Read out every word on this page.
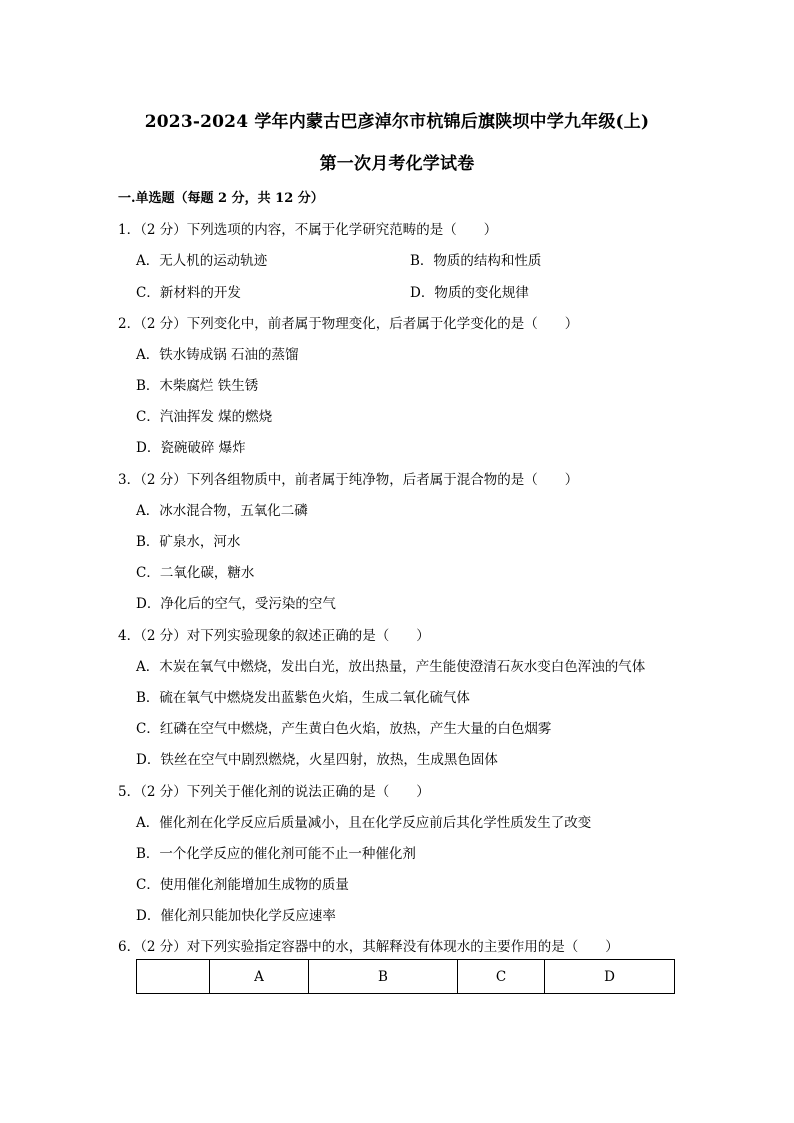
2023-2024 学年内蒙古巴彦淖尔市杭锦后旗陕坝中学九年级(上)
第一次月考化学试卷
一.单选题（每题 2 分，共 12 分）
1．（2 分）下列选项的内容，不属于化学研究范畴的是（　　）
A．无人机的运动轨迹	B．物质的结构和性质
C．新材料的开发	D．物质的变化规律
2．（2 分）下列变化中，前者属于物理变化，后者属于化学变化的是（　　）
A．铁水铸成锅 石油的蒸馏
B．木柴腐烂 铁生锈
C．汽油挥发 煤的燃烧
D．瓷碗破碎 爆炸
3．（2 分）下列各组物质中，前者属于纯净物，后者属于混合物的是（　　）
A．冰水混合物，五氧化二磷
B．矿泉水，河水
C．二氧化碳，糖水
D．净化后的空气，受污染的空气
4．（2 分）对下列实验现象的叙述正确的是（　　）
A．木炭在氧气中燃烧，发出白光，放出热量，产生能使澄清石灰水变白色浑浊的气体
B．硫在氧气中燃烧发出蓝紫色火焰，生成二氧化硫气体
C．红磷在空气中燃烧，产生黄白色火焰，放热，产生大量的白色烟雾
D．铁丝在空气中剧烈燃烧，火星四射，放热，生成黑色固体
5．（2 分）下列关于催化剂的说法正确的是（　　）
A．催化剂在化学反应后质量减小，且在化学反应前后其化学性质发生了改变
B．一个化学反应的催化剂可能不止一种催化剂
C．使用催化剂能增加生成物的质量
D．催化剂只能加快化学反应速率
6．（2 分）对下列实验指定容器中的水，其解释没有体现水的主要作用的是（　　）
	A	B	C	D
